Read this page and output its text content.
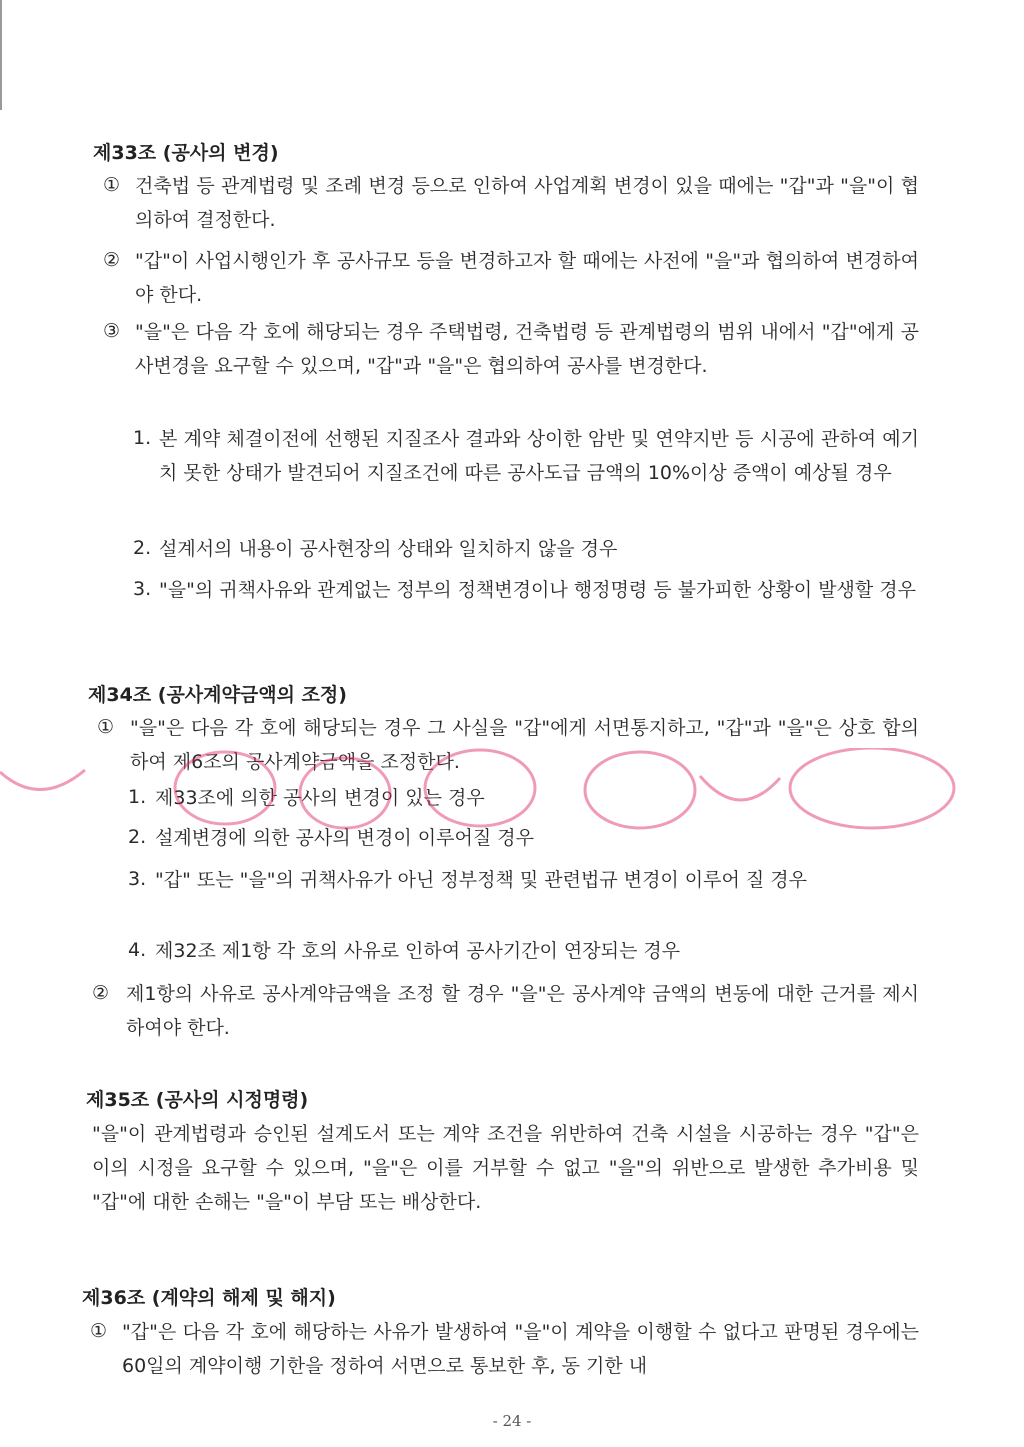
제33조 (공사의 변경)
① 건축법 등 관계법령 및 조례 변경 등으로 인하여 사업계획 변경이 있을 때에는 "갑"과 "을"이 협의하여 결정한다.
② "갑"이 사업시행인가 후 공사규모 등을 변경하고자 할 때에는 사전에 "을"과 협의하여 변경하여야 한다.
③ "을"은 다음 각 호에 해당되는 경우 주택법령, 건축법령 등 관계법령의 범위 내에서 "갑"에게 공사변경을 요구할 수 있으며, "갑"과 "을"은 협의하여 공사를 변경한다.
1. 본 계약 체결이전에 선행된 지질조사 결과와 상이한 암반 및 연약지반 등 시공에 관하여 예기치 못한 상태가 발견되어 지질조건에 따른 공사도급 금액의 10%이상 증액이 예상될 경우
2. 설계서의 내용이 공사현장의 상태와 일치하지 않을 경우
3. "을"의 귀책사유와 관계없는 정부의 정책변경이나 행정명령 등 불가피한 상황이 발생할 경우
제34조 (공사계약금액의 조정)
① "을"은 다음 각 호에 해당되는 경우 그 사실을 "갑"에게 서면통지하고, "갑"과 "을"은 상호 합의하여 제6조의 공사계약금액을 조정한다.
1. 제33조에 의한 공사의 변경이 있는 경우
2. 설계변경에 의한 공사의 변경이 이루어질 경우
3. "갑" 또는 "을"의 귀책사유가 아닌 정부정책 및 관련법규 변경이 이루어 질 경우
4. 제32조 제1항 각 호의 사유로 인하여 공사기간이 연장되는 경우
② 제1항의 사유로 공사계약금액을 조정 할 경우 "을"은 공사계약 금액의 변동에 대한 근거를 제시하여야 한다.
제35조 (공사의 시정명령)
"을"이 관계법령과 승인된 설계도서 또는 계약 조건을 위반하여 건축 시설을 시공하는 경우 "갑"은 이의 시정을 요구할 수 있으며, "을"은 이를 거부할 수 없고 "을"의 위반으로 발생한 추가비용 및 "갑"에 대한 손해는 "을"이 부담 또는 배상한다.
제36조 (계약의 해제 및 해지)
① "갑"은 다음 각 호에 해당하는 사유가 발생하여 "을"이 계약을 이행할 수 없다고 판명된 경우에는 60일의 계약이행 기한을 정하여 서면으로 통보한 후, 동 기한 내
- 24 -
